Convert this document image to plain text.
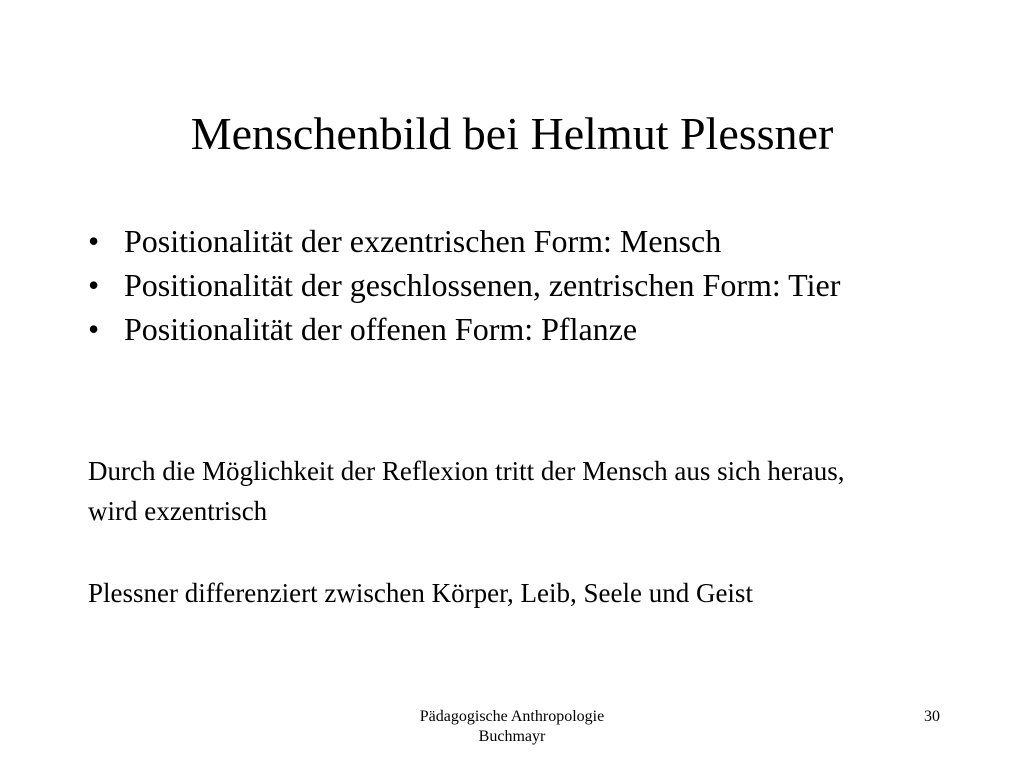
Menschenbild bei Helmut Plessner
• Positionalität der exzentrischen Form: Mensch
• Positionalität der geschlossenen, zentrischen Form: Tier
• Positionalität der offenen Form: Pflanze
Durch die Möglichkeit der Reflexion tritt der Mensch aus sich heraus, wird exzentrisch
Plessner differenziert zwischen Körper, Leib, Seele und Geist
Pädagogische Anthropologie
Buchmayr
30
